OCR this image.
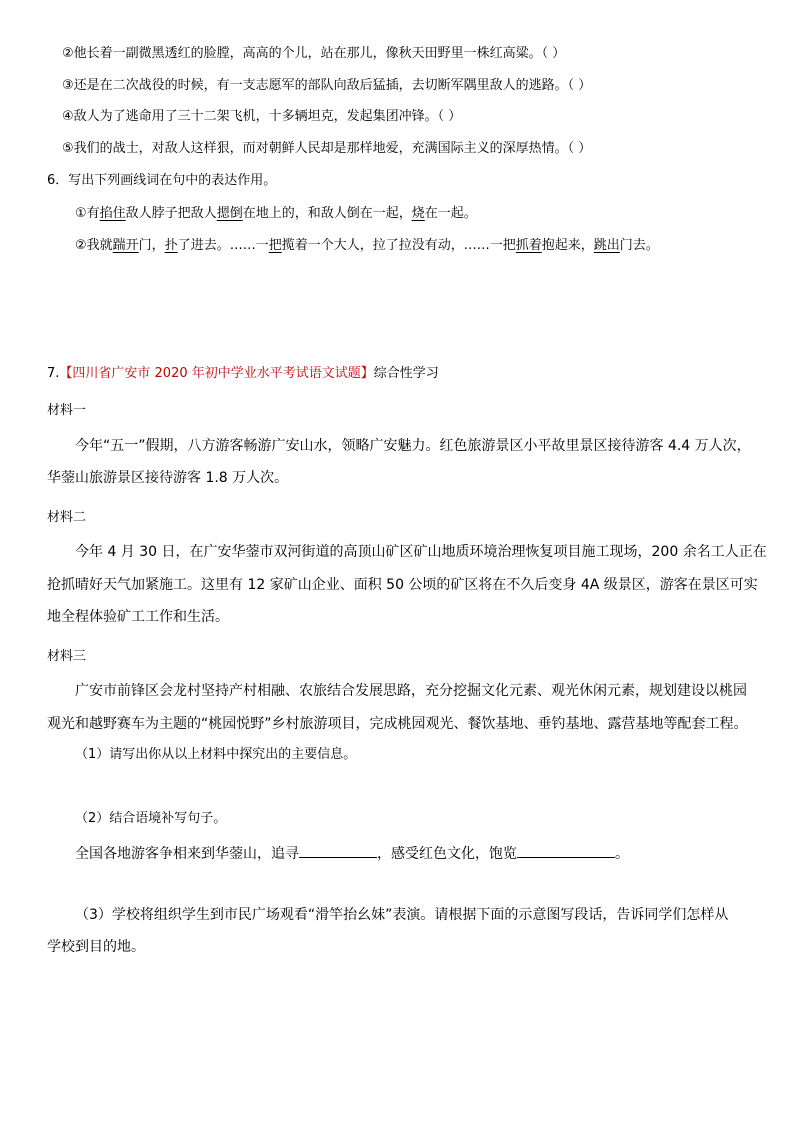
②他长着一副微黑透红的脸膛，高高的个儿，站在那儿，像秋天田野里一株红高粱。（ ）
③还是在二次战役的时候，有一支志愿军的部队向敌后猛插，去切断军隅里敌人的逃路。（ ）
④敌人为了逃命用了三十二架飞机，十多辆坦克，发起集团冲锋。（ ）
⑤我们的战士，对敌人这样狠，而对朝鲜人民却是那样地爱，充满国际主义的深厚热情。（ ）
6．写出下列画线词在句中的表达作用。
①有掐住敌人脖子把敌人摁倒在地上的，和敌人倒在一起，烧在一起。
②我就踹开门，扑了进去。……一把揽着一个大人，拉了拉没有动，……一把抓着抱起来，跳出门去。
7.【四川省广安市 2020 年初中学业水平考试语文试题】综合性学习
材料一
今年“五一”假期，八方游客畅游广安山水，领略广安魅力。红色旅游景区小平故里景区接待游客 4.4 万人次，
华蓥山旅游景区接待游客 1.8 万人次。
材料二
今年 4 月 30 日，在广安华蓥市双河街道的高顶山矿区矿山地质环境治理恢复项目施工现场，200 余名工人正在
抢抓晴好天气加紧施工。这里有 12 家矿山企业、面积 50 公顷的矿区将在不久后变身 4A 级景区，游客在景区可实
地全程体验矿工工作和生活。
材料三
广安市前锋区会龙村坚持产村相融、农旅结合发展思路，充分挖掘文化元素、观光休闲元素，规划建设以桃园
观光和越野赛车为主题的“桃园悦野”乡村旅游项目，完成桃园观光、餐饮基地、垂钓基地、露营基地等配套工程。
（1）请写出你从以上材料中探究出的主要信息。
（2）结合语境补写句子。
全国各地游客争相来到华蓥山，追寻	，感受红色文化，饱览	。
（3）学校将组织学生到市民广场观看“滑竿抬幺妹”表演。请根据下面的示意图写段话，告诉同学们怎样从
学校到目的地。
